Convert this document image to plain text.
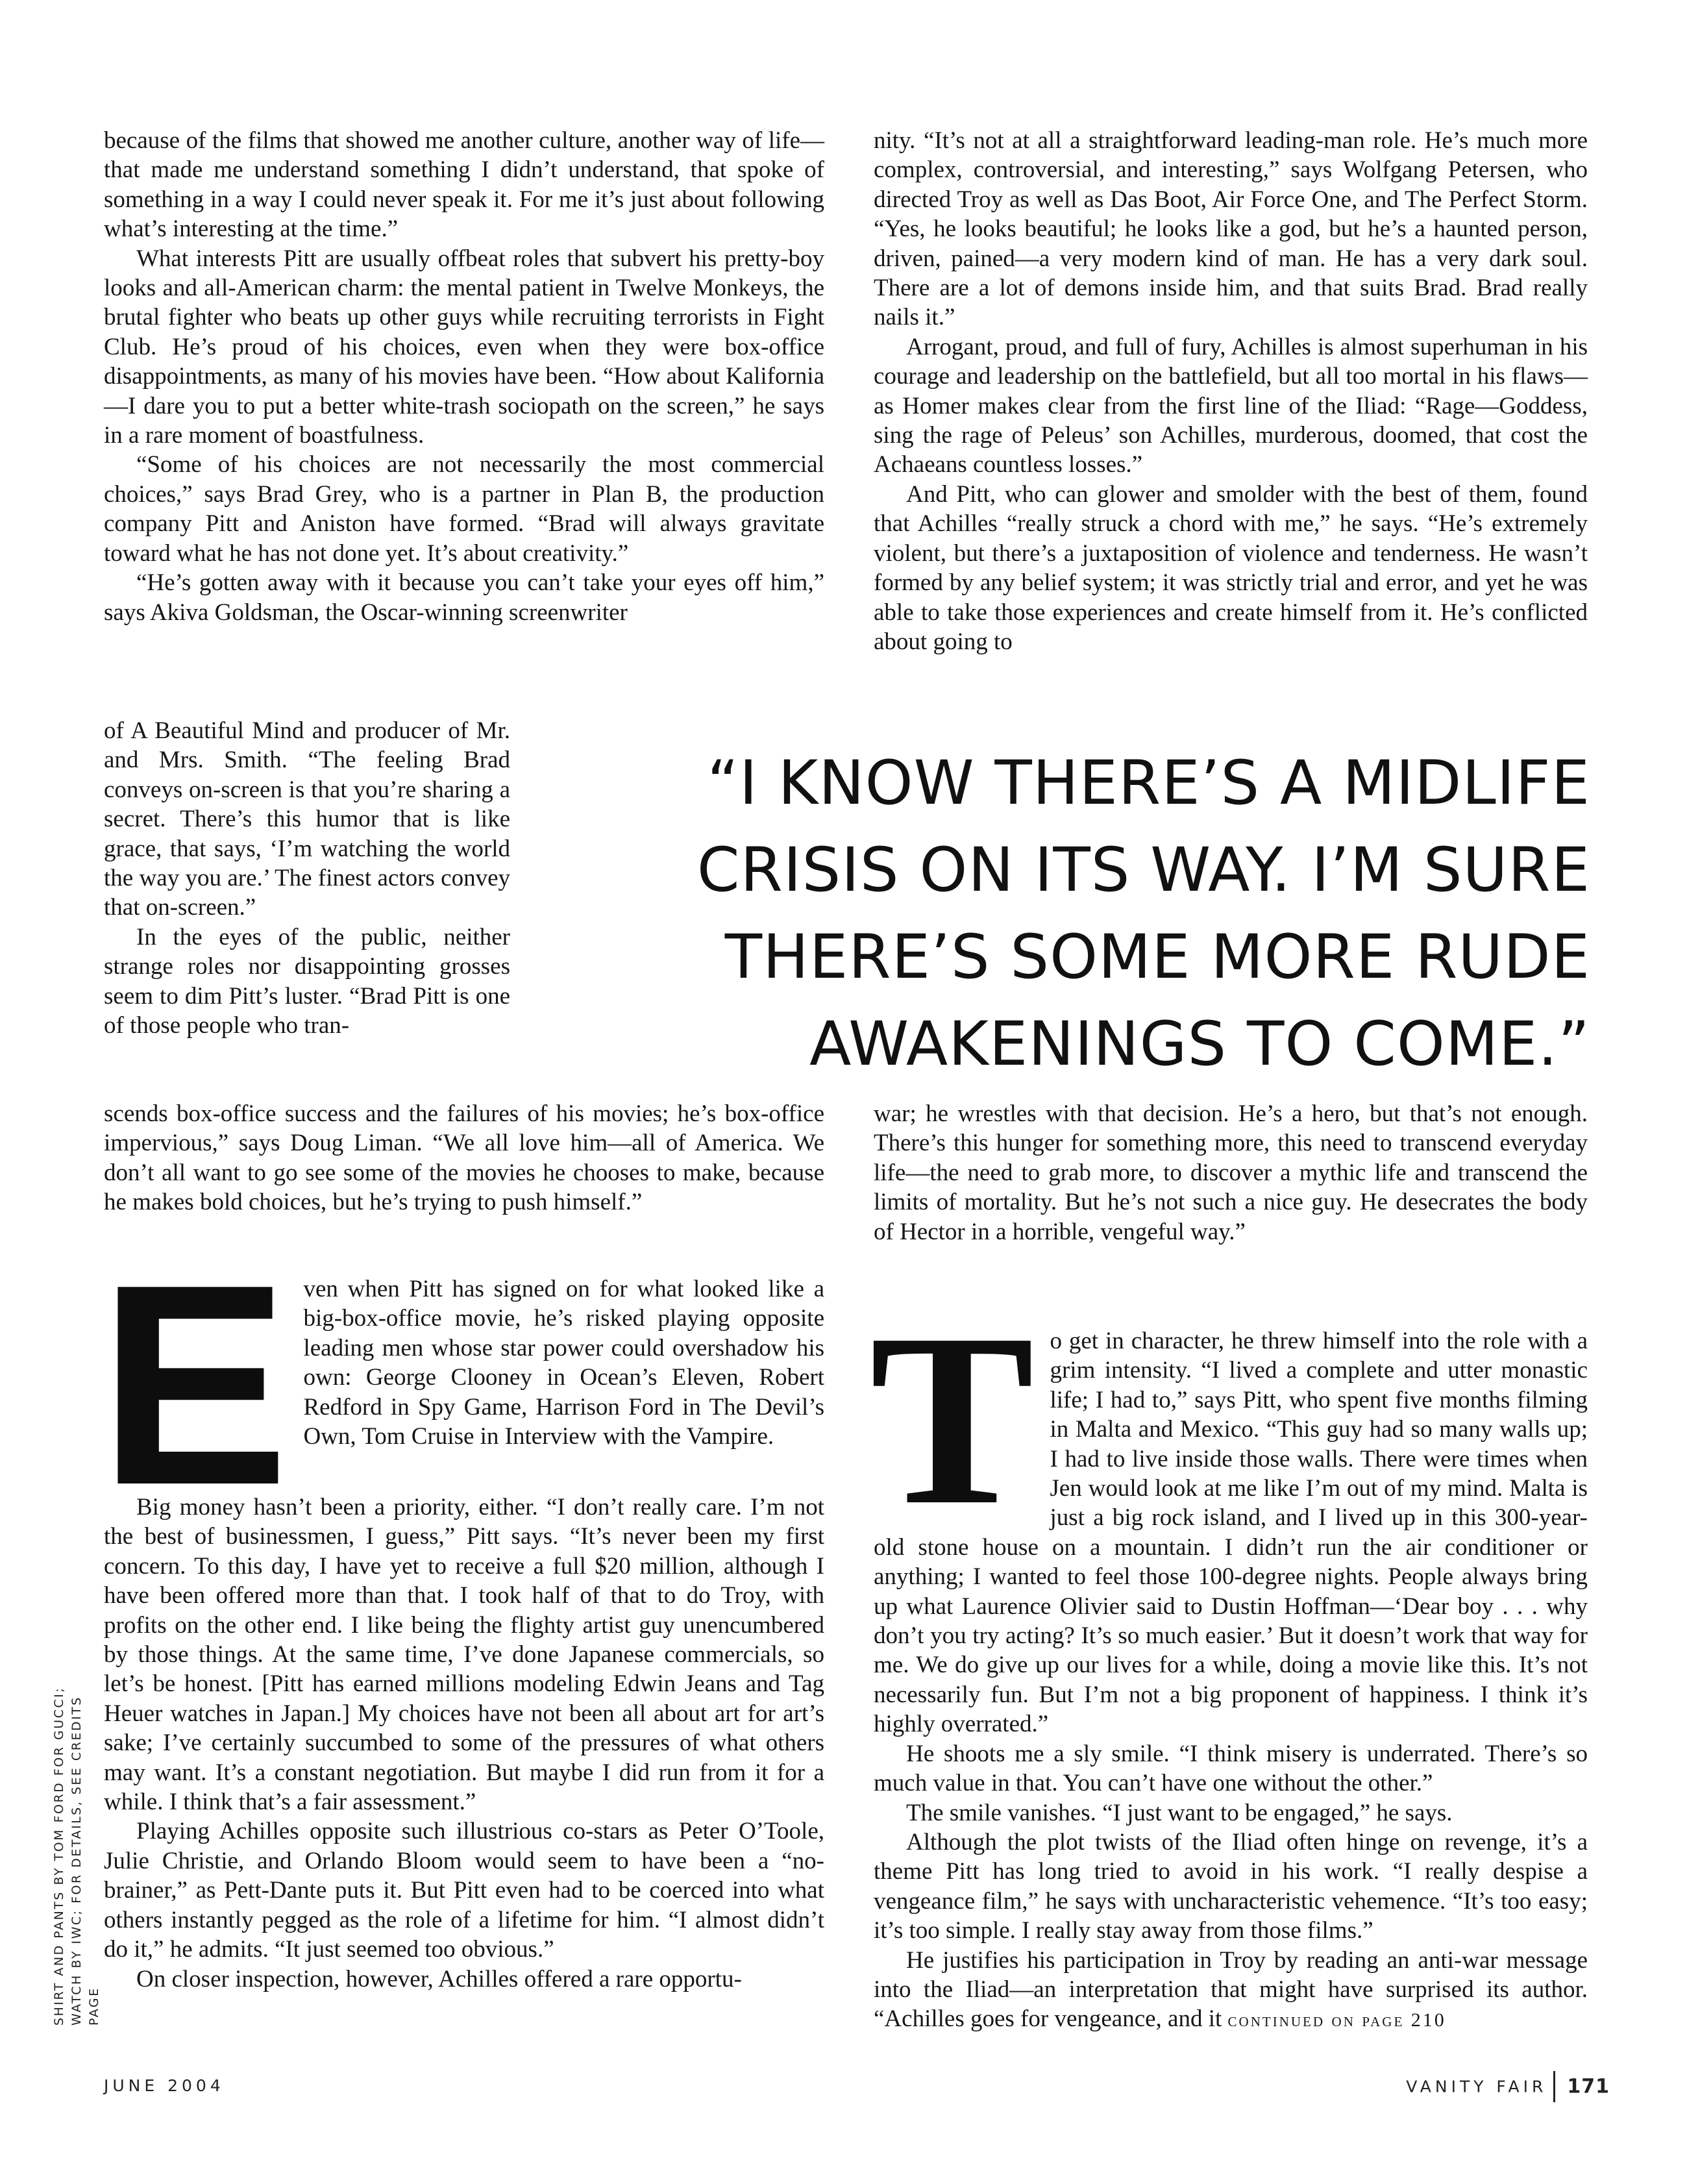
because of the films that showed me another culture, another way of life—that made me understand something I didn’t understand, that spoke of something in a way I could never speak it. For me it’s just about following what’s interesting at the time.”

What interests Pitt are usually offbeat roles that subvert his pretty-boy looks and all-American charm: the mental patient in Twelve Monkeys, the brutal fighter who beats up other guys while recruiting terrorists in Fight Club. He’s proud of his choices, even when they were box-office disappointments, as many of his movies have been. “How about Kalifornia—I dare you to put a better white-trash sociopath on the screen,” he says in a rare moment of boastfulness.

“Some of his choices are not necessarily the most commercial choices,” says Brad Grey, who is a partner in Plan B, the production company Pitt and Aniston have formed. “Brad will always gravitate toward what he has not done yet. It’s about creativity.”

“He’s gotten away with it because you can’t take your eyes off him,” says Akiva Goldsman, the Oscar-winning screenwriter

of A Beautiful Mind and producer of Mr. and Mrs. Smith. “The feeling Brad conveys on-screen is that you’re sharing a secret. There’s this humor that is like grace, that says, ‘I’m watching the world the way you are.’ The finest actors convey that on-screen.”

In the eyes of the public, neither strange roles nor disappointing grosses seem to dim Pitt’s luster. “Brad Pitt is one of those people who tran-

scends box-office success and the failures of his movies; he’s box-office impervious,” says Doug Liman. “We all love him—all of America. We don’t all want to go see some of the movies he chooses to make, because he makes bold choices, but he’s trying to push himself.”

E ven when Pitt has signed on for what looked like a big-box-office movie, he’s risked playing opposite leading men whose star power could overshadow his own: George Clooney in Ocean’s Eleven, Robert Redford in Spy Game, Harrison Ford in The Devil’s Own, Tom Cruise in Interview with the Vampire.

Big money hasn’t been a priority, either. “I don’t really care. I’m not the best of businessmen, I guess,” Pitt says. “It’s never been my first concern. To this day, I have yet to receive a full $20 million, although I have been offered more than that. I took half of that to do Troy, with profits on the other end. I like being the flighty artist guy unencumbered by those things. At the same time, I’ve done Japanese commercials, so let’s be honest. [Pitt has earned millions modeling Edwin Jeans and Tag Heuer watches in Japan.] My choices have not been all about art for art’s sake; I’ve certainly succumbed to some of the pressures of what others may want. It’s a constant negotiation. But maybe I did run from it for a while. I think that’s a fair assessment.”

Playing Achilles opposite such illustrious co-stars as Peter O’Toole, Julie Christie, and Orlando Bloom would seem to have been a “no-brainer,” as Pett-Dante puts it. But Pitt even had to be coerced into what others instantly pegged as the role of a lifetime for him. “I almost didn’t do it,” he admits. “It just seemed too obvious.”

On closer inspection, however, Achilles offered a rare opportu-

nity. “It’s not at all a straightforward leading-man role. He’s much more complex, controversial, and interesting,” says Wolfgang Petersen, who directed Troy as well as Das Boot, Air Force One, and The Perfect Storm. “Yes, he looks beautiful; he looks like a god, but he’s a haunted person, driven, pained—a very modern kind of man. He has a very dark soul. There are a lot of demons inside him, and that suits Brad. Brad really nails it.”

Arrogant, proud, and full of fury, Achilles is almost superhuman in his courage and leadership on the battlefield, but all too mortal in his flaws—as Homer makes clear from the first line of the Iliad: “Rage—Goddess, sing the rage of Peleus’ son Achilles, murderous, doomed, that cost the Achaeans countless losses.”

And Pitt, who can glower and smolder with the best of them, found that Achilles “really struck a chord with me,” he says. “He’s extremely violent, but there’s a juxtaposition of violence and tenderness. He wasn’t formed by any belief system; it was strictly trial and error, and yet he was able to take those experiences and create himself from it. He’s conflicted about going to

“I KNOW THERE’S A MIDLIFE CRISIS ON ITS WAY. I’M SURE THERE’S SOME MORE RUDE AWAKENINGS TO COME.”

war; he wrestles with that decision. He’s a hero, but that’s not enough. There’s this hunger for something more, this need to transcend everyday life—the need to grab more, to discover a mythic life and transcend the limits of mortality. But he’s not such a nice guy. He desecrates the body of Hector in a horrible, vengeful way.”

T o get in character, he threw himself into the role with a grim intensity. “I lived a complete and utter monastic life; I had to,” says Pitt, who spent five months filming in Malta and Mexico. “This guy had so many walls up; I had to live inside those walls. There were times when Jen would look at me like I’m out of my mind. Malta is just a big rock island, and I lived up in this 300-year-old stone house on a mountain. I didn’t run the air conditioner or anything; I wanted to feel those 100-degree nights. People always bring up what Laurence Olivier said to Dustin Hoffman—‘Dear boy . . . why don’t you try acting? It’s so much easier.’ But it doesn’t work that way for me. We do give up our lives for a while, doing a movie like this. It’s not necessarily fun. But I’m not a big proponent of happiness. I think it’s highly overrated.”

He shoots me a sly smile. “I think misery is underrated. There’s so much value in that. You can’t have one without the other.”

The smile vanishes. “I just want to be engaged,” he says.

Although the plot twists of the Iliad often hinge on revenge, it’s a theme Pitt has long tried to avoid in his work. “I really despise a vengeance film,” he says with uncharacteristic vehemence. “It’s too easy; it’s too simple. I really stay away from those films.”

He justifies his participation in Troy by reading an anti-war message into the Iliad—an interpretation that might have surprised its author. “Achilles goes for vengeance, and it continued on page 210

SHIRT AND PANTS BY TOM FORD FOR GUCCI; WATCH BY IWC; FOR DETAILS, SEE CREDITS PAGE
JUNE 2004	VANITY FAIR 171
